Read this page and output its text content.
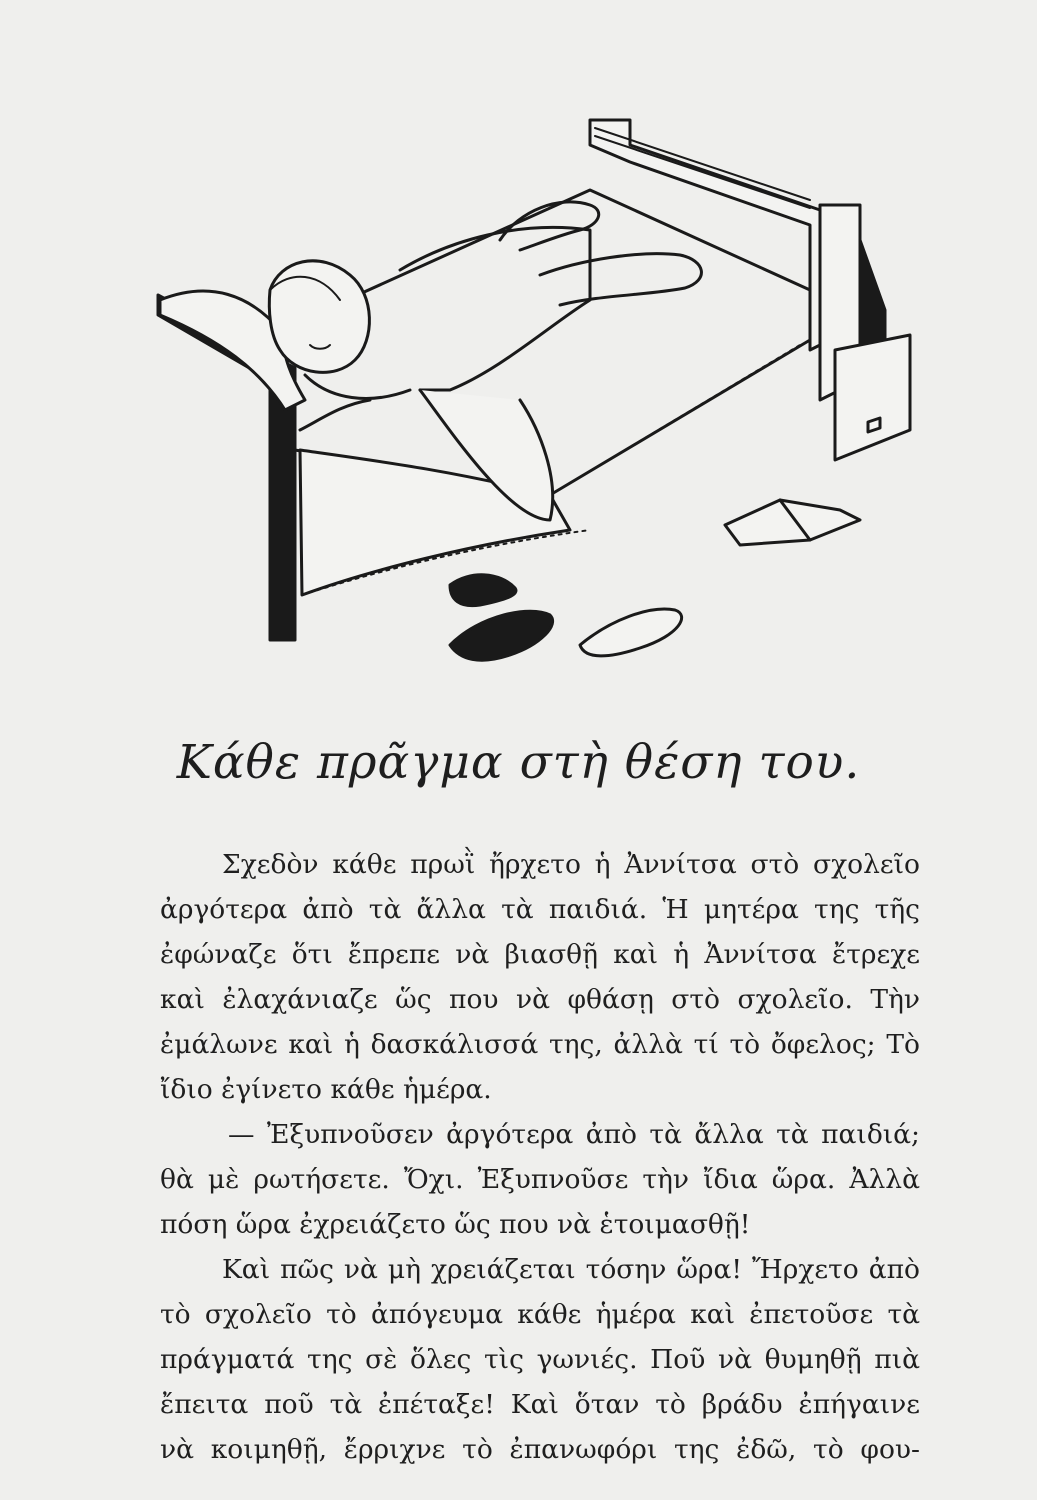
Κάθε πρᾶγμα στὴ θέση του.
Σχεδὸν κάθε πρωῒ ἤρχετο ἡ Ἀννίτσα στὸ σχολεῖο
ἀργότερα ἀπὸ τὰ ἄλλα τὰ παιδιά. Ἡ μητέρα της τῆς
ἐφώναζε ὅτι ἔπρεπε νὰ βιασθῇ καὶ ἡ Ἀννίτσα ἔτρεχε
καὶ ἐλαχάνιαζε ὥς που νὰ φθάσῃ στὸ σχολεῖο. Τὴν
ἐμάλωνε καὶ ἡ δασκάλισσά της, ἀλλὰ τί τὸ ὄφελος; Τὸ
ἴδιο ἐγίνετο κάθε ἡμέρα.
— Ἐξυπνοῦσεν ἀργότερα ἀπὸ τὰ ἄλλα τὰ παιδιά;
θὰ μὲ ρωτήσετε. Ὄχι. Ἐξυπνοῦσε τὴν ἴδια ὥρα. Ἀλλὰ
πόση ὥρα ἐχρειάζετο ὥς που νὰ ἑτοιμασθῇ!
Καὶ πῶς νὰ μὴ χρειάζεται τόσην ὥρα! Ἤρχετο ἀπὸ
τὸ σχολεῖο τὸ ἀπόγευμα κάθε ἡμέρα καὶ ἐπετοῦσε τὰ
πράγματά της σὲ ὅλες τὶς γωνιές. Ποῦ νὰ θυμηθῇ πιὰ
ἔπειτα ποῦ τὰ ἐπέταξε! Καὶ ὅταν τὸ βράδυ ἐπήγαινε
νὰ κοιμηθῇ, ἔρριχνε τὸ ἐπανωφόρι της ἐδῶ, τὸ φου-
